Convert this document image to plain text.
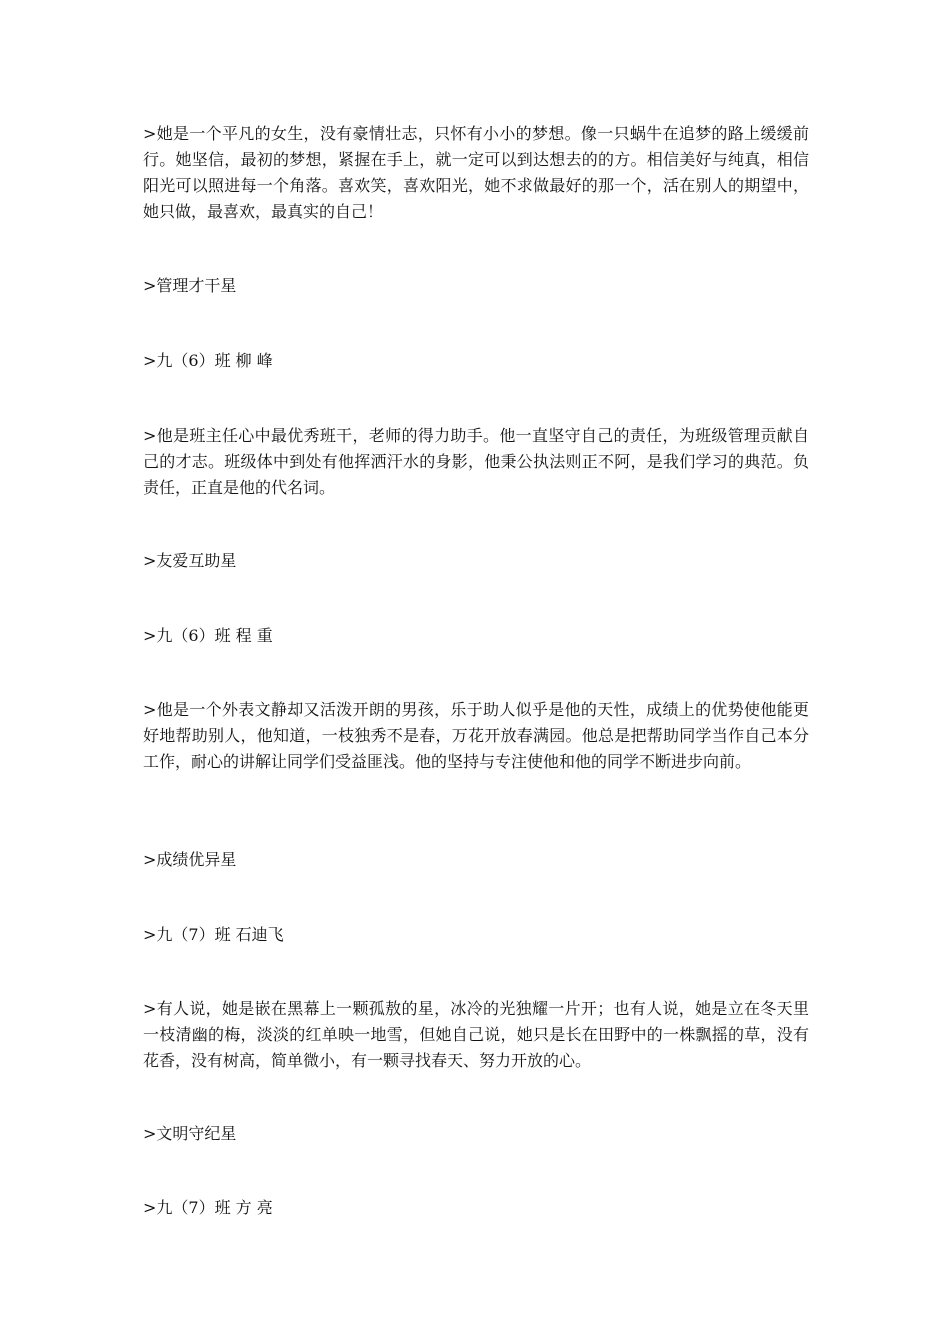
>她是一个平凡的女生，没有豪情壮志，只怀有小小的梦想。像一只蜗牛在追梦的路上缓缓前行。她坚信，最初的梦想，紧握在手上，就一定可以到达想去的的方。相信美好与纯真，相信阳光可以照进每一个角落。喜欢笑，喜欢阳光，她不求做最好的那一个，活在别人的期望中，她只做，最喜欢，最真实的自己！

>管理才干星

>九（6）班 柳 峰

>他是班主任心中最优秀班干，老师的得力助手。他一直坚守自己的责任，为班级管理贡献自己的才志。班级体中到处有他挥洒汗水的身影，他秉公执法则正不阿，是我们学习的典范。负责任，正直是他的代名词。

>友爱互助星

>九（6）班 程 重

>他是一个外表文静却又活泼开朗的男孩，乐于助人似乎是他的天性，成绩上的优势使他能更好地帮助别人，他知道，一枝独秀不是春，万花开放春满园。他总是把帮助同学当作自己本分工作，耐心的讲解让同学们受益匪浅。他的坚持与专注使他和他的同学不断进步向前。

>成绩优异星

>九（7）班 石迪飞

>有人说，她是嵌在黑幕上一颗孤敖的星，冰冷的光独耀一片开；也有人说，她是立在冬天里一枝清幽的梅，淡淡的红单映一地雪，但她自己说，她只是长在田野中的一株飘摇的草，没有花香，没有树高，简单微小，有一颗寻找春天、努力开放的心。

>文明守纪星

>九（7）班 方 亮
